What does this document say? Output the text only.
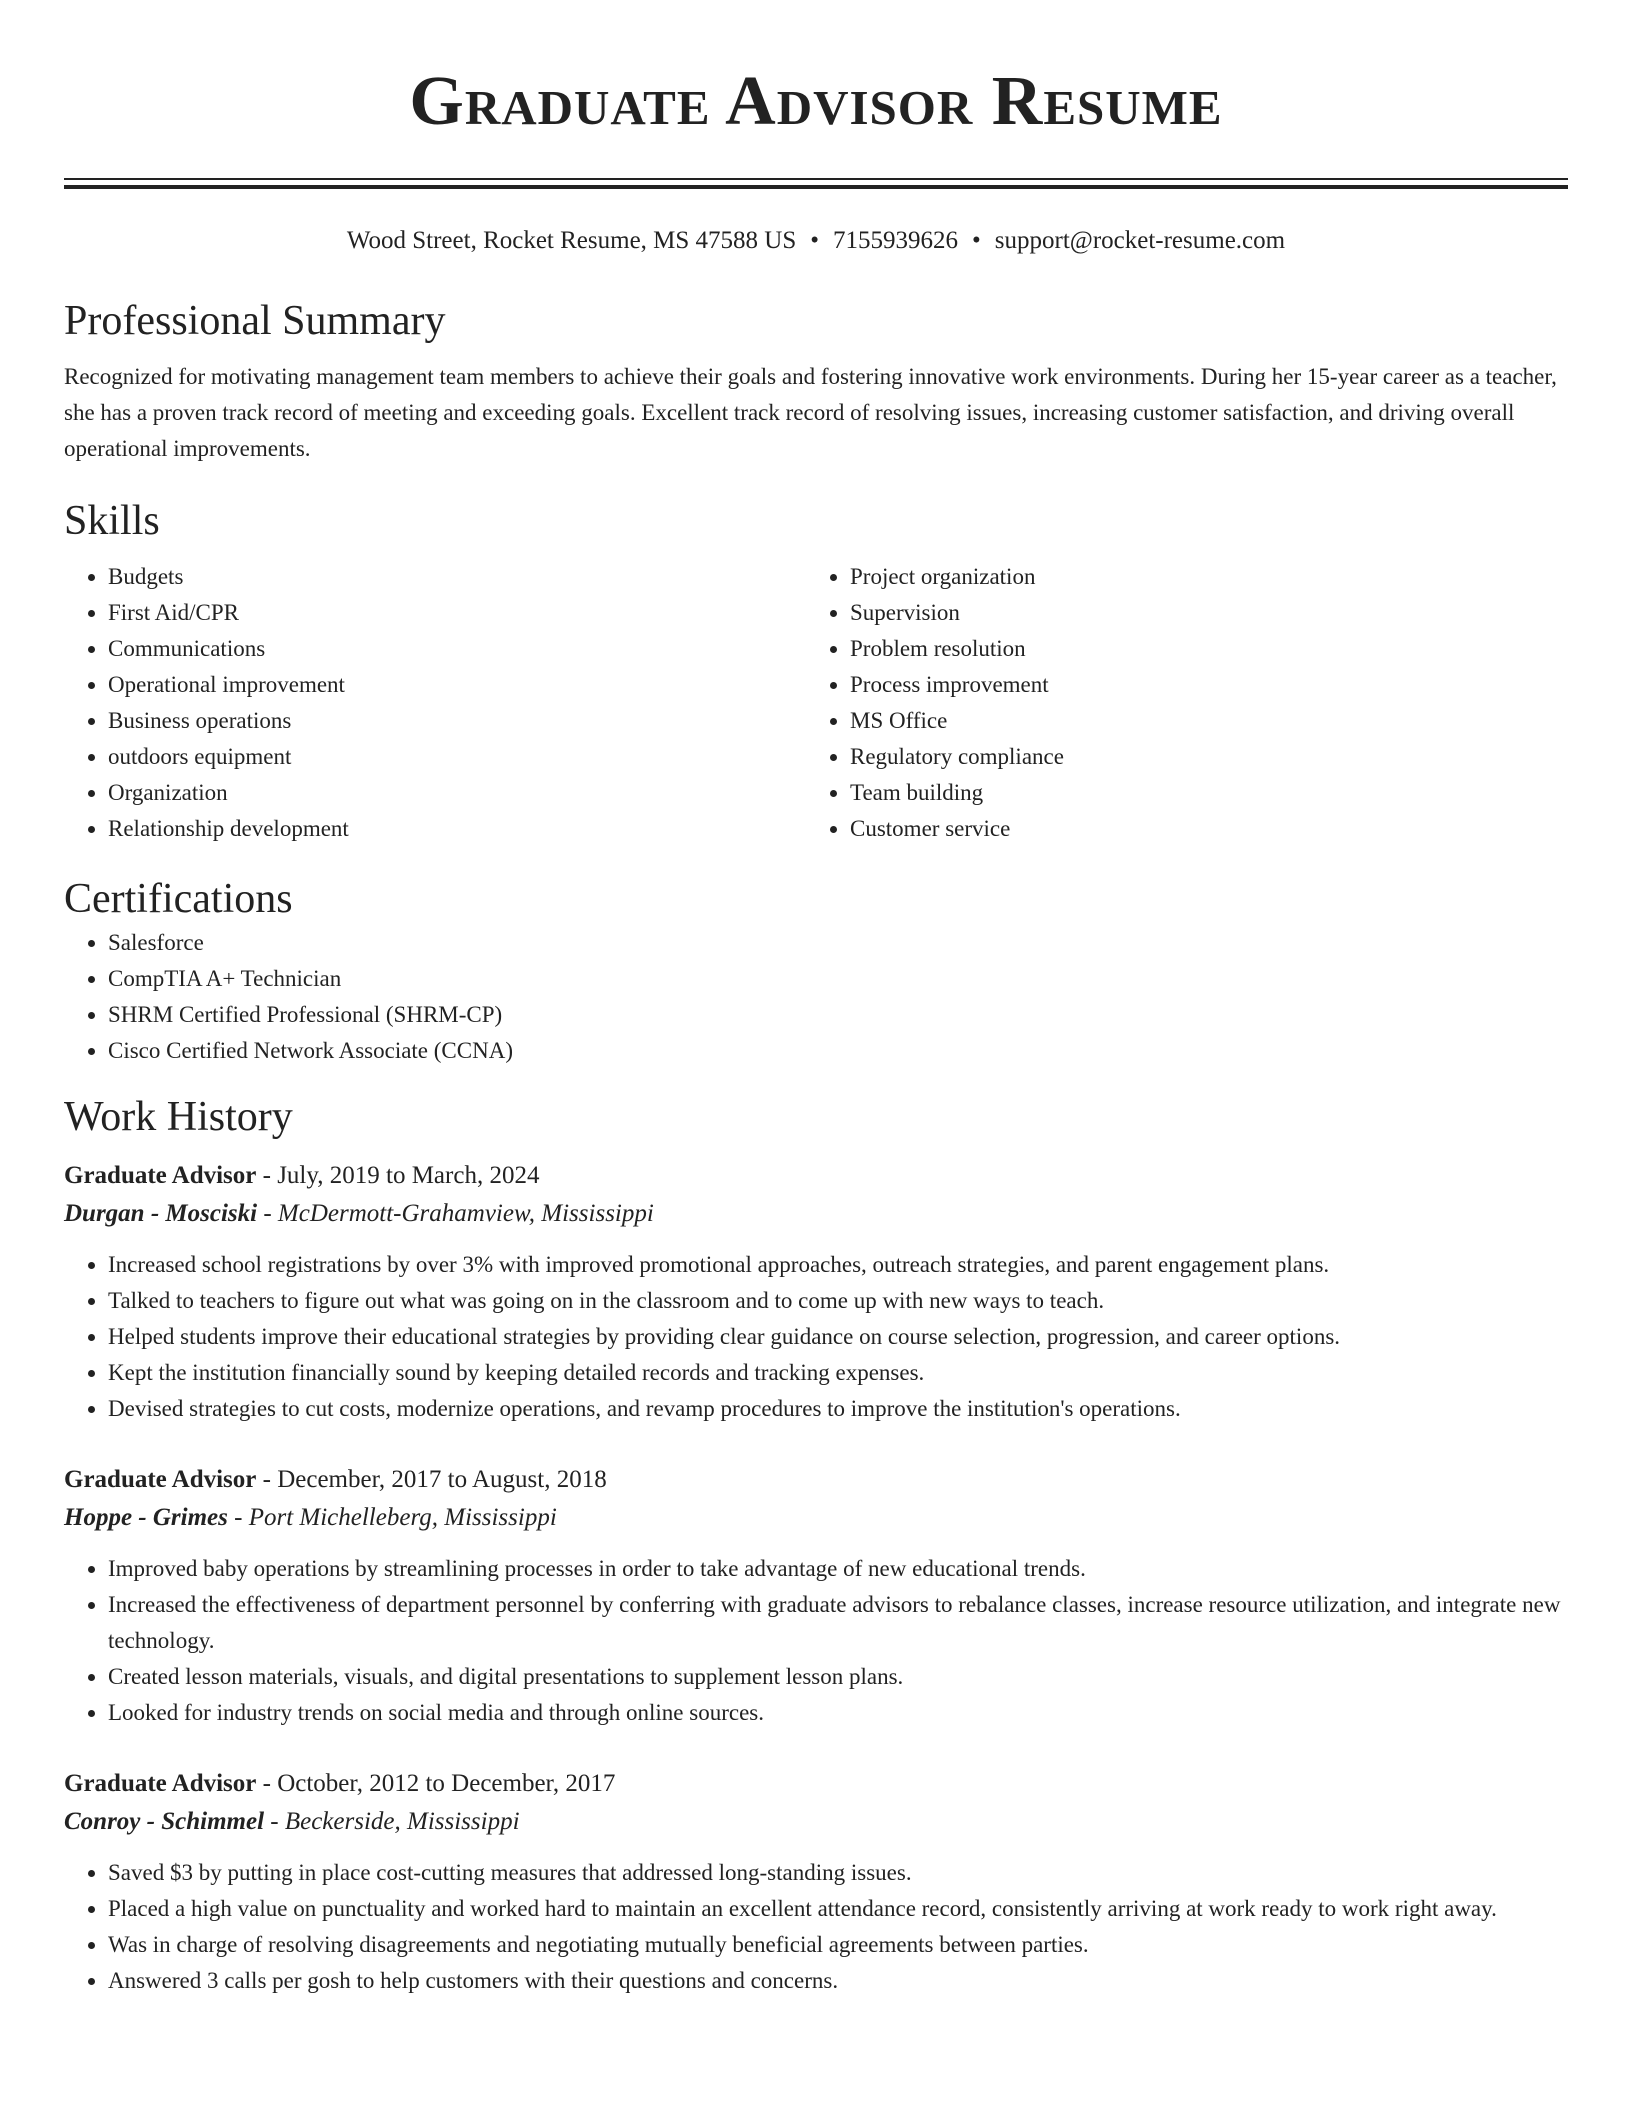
Graduate Advisor Resume
Wood Street, Rocket Resume, MS 47588 US • 7155939626 • support@rocket-resume.com
Professional Summary
Recognized for motivating management team members to achieve their goals and fostering innovative work environments. During her 15-year career as a teacher, she has a proven track record of meeting and exceeding goals. Excellent track record of resolving issues, increasing customer satisfaction, and driving overall operational improvements.
Skills
• Budgets
• First Aid/CPR
• Communications
• Operational improvement
• Business operations
• outdoors equipment
• Organization
• Relationship development
• Project organization
• Supervision
• Problem resolution
• Process improvement
• MS Office
• Regulatory compliance
• Team building
• Customer service
Certifications
• Salesforce
• CompTIA A+ Technician
• SHRM Certified Professional (SHRM-CP)
• Cisco Certified Network Associate (CCNA)
Work History
Graduate Advisor - July, 2019 to March, 2024
Durgan - Mosciski - McDermott-Grahamview, Mississippi
• Increased school registrations by over 3% with improved promotional approaches, outreach strategies, and parent engagement plans.
• Talked to teachers to figure out what was going on in the classroom and to come up with new ways to teach.
• Helped students improve their educational strategies by providing clear guidance on course selection, progression, and career options.
• Kept the institution financially sound by keeping detailed records and tracking expenses.
• Devised strategies to cut costs, modernize operations, and revamp procedures to improve the institution's operations.
Graduate Advisor - December, 2017 to August, 2018
Hoppe - Grimes - Port Michelleberg, Mississippi
• Improved baby operations by streamlining processes in order to take advantage of new educational trends.
• Increased the effectiveness of department personnel by conferring with graduate advisors to rebalance classes, increase resource utilization, and integrate new technology.
• Created lesson materials, visuals, and digital presentations to supplement lesson plans.
• Looked for industry trends on social media and through online sources.
Graduate Advisor - October, 2012 to December, 2017
Conroy - Schimmel - Beckerside, Mississippi
• Saved $3 by putting in place cost-cutting measures that addressed long-standing issues.
• Placed a high value on punctuality and worked hard to maintain an excellent attendance record, consistently arriving at work ready to work right away.
• Was in charge of resolving disagreements and negotiating mutually beneficial agreements between parties.
• Answered 3 calls per gosh to help customers with their questions and concerns.
